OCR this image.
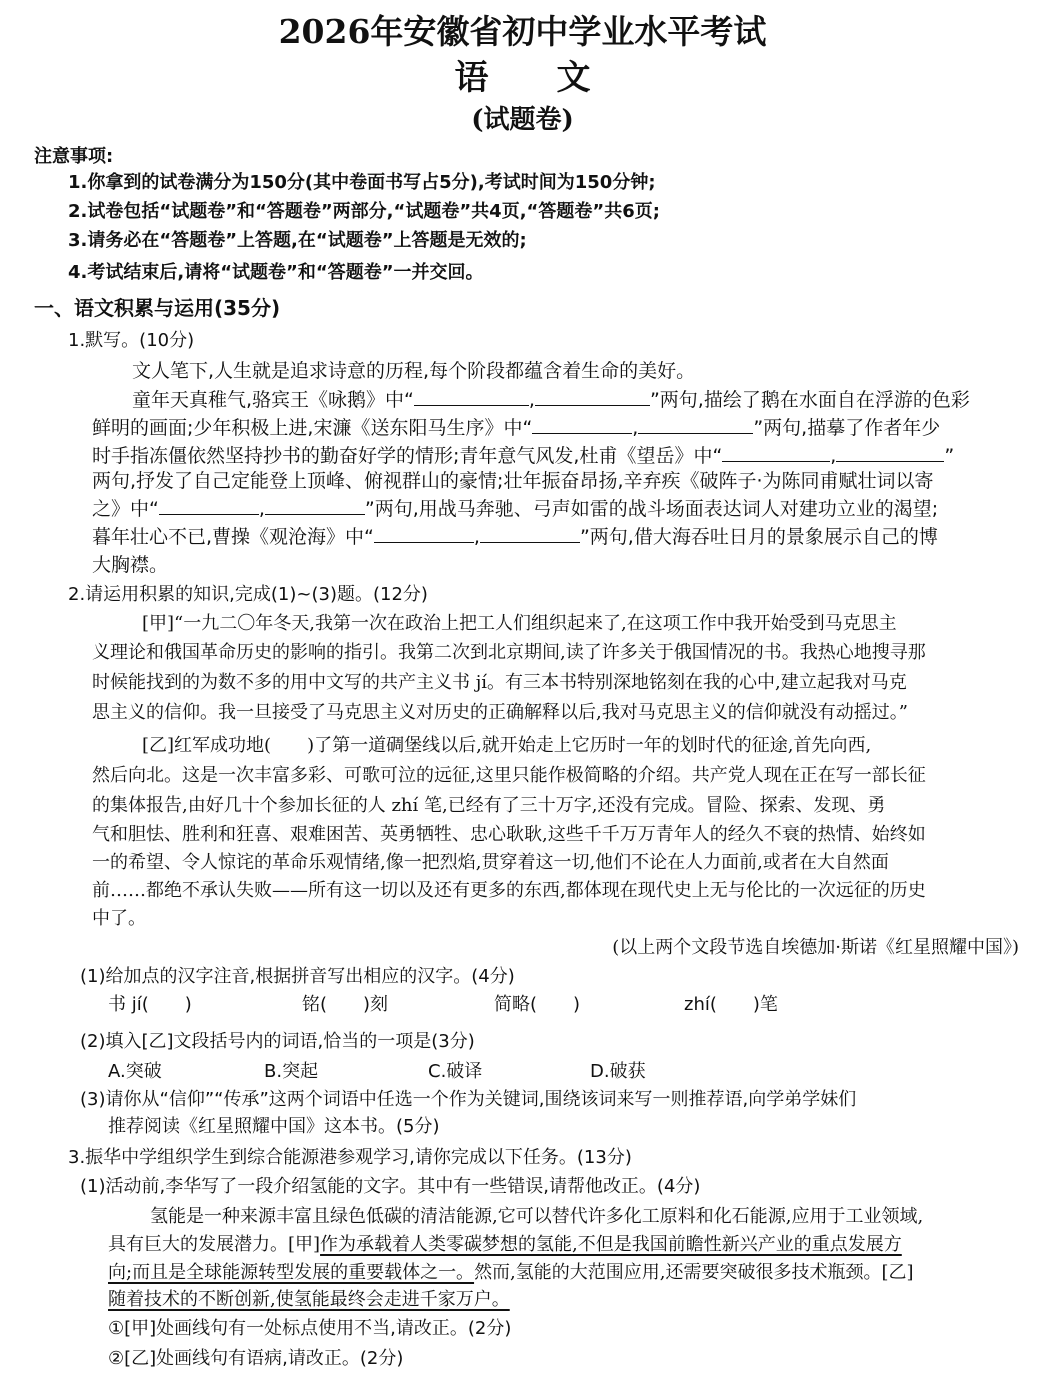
2026年安徽省初中学业水平考试
语　　文
(试题卷)
注意事项:
1.你拿到的试卷满分为150分(其中卷面书写占5分),考试时间为150分钟;
2.试卷包括“试题卷”和“答题卷”两部分,“试题卷”共4页,“答题卷”共6页;
3.请务必在“答题卷”上答题,在“试题卷”上答题是无效的;
4.考试结束后,请将“试题卷”和“答题卷”一并交回。
一、语文积累与运用(35分)
1.默写。(10分)
文人笔下,人生就是追求诗意的历程,每个阶段都蕴含着生命的美好。
童年天真稚气,骆宾王《咏鹅》中“	,	”两句,描绘了鹅在水面自在浮游的色彩
鲜明的画面;少年积极上进,宋濂《送东阳马生序》中“	,	”两句,描摹了作者年少
时手指冻僵依然坚持抄书的勤奋好学的情形;青年意气风发,杜甫《望岳》中“	,	”
两句,抒发了自己定能登上顶峰、俯视群山的豪情;壮年振奋昂扬,辛弃疾《破阵子·为陈同甫赋壮词以寄
之》中“	,	”两句,用战马奔驰、弓声如雷的战斗场面表达词人对建功立业的渴望;
暮年壮心不已,曹操《观沧海》中“	,	”两句,借大海吞吐日月的景象展示自己的博
大胸襟。
2.请运用积累的知识,完成(1)~(3)题。(12分)
[甲]“一九二〇年冬天,我第一次在政治上把工人们组织起来了,在这项工作中我开始受到马克思主
义理论和俄国革命历史的影响的指引。我第二次到北京期间,读了许多关于俄国情况的书。我热心地搜寻那
时候能找到的为数不多的用中文写的共产主义书 jí。有三本书特别深地铭刻在我的心中,建立起我对马克
思主义的信仰。我一旦接受了马克思主义对历史的正确解释以后,我对马克思主义的信仰就没有动摇过。”
[乙]红军成功地(　　)了第一道碉堡线以后,就开始走上它历时一年的划时代的征途,首先向西,
然后向北。这是一次丰富多彩、可歌可泣的远征,这里只能作极简略的介绍。共产党人现在正在写一部长征
的集体报告,由好几十个参加长征的人 zhí 笔,已经有了三十万字,还没有完成。冒险、探索、发现、勇
气和胆怯、胜利和狂喜、艰难困苦、英勇牺牲、忠心耿耿,这些千千万万青年人的经久不衰的热情、始终如
一的希望、令人惊诧的革命乐观情绪,像一把烈焰,贯穿着这一切,他们不论在人力面前,或者在大自然面
前……都绝不承认失败——所有这一切以及还有更多的东西,都体现在现代史上无与伦比的一次远征的历史
中了。
(以上两个文段节选自埃德加·斯诺《红星照耀中国》)
(1)给加点的汉字注音,根据拼音写出相应的汉字。(4分)
书 jí(　　)	铭(　　)刻	简略(　　)	zhí(　　)笔
(2)填入[乙]文段括号内的词语,恰当的一项是(3分)
A.突破	B.突起	C.破译	D.破获
(3)请你从“信仰”“传承”这两个词语中任选一个作为关键词,围绕该词来写一则推荐语,向学弟学妹们
推荐阅读《红星照耀中国》这本书。(5分)
3.振华中学组织学生到综合能源港参观学习,请你完成以下任务。(13分)
(1)活动前,李华写了一段介绍氢能的文字。其中有一些错误,请帮他改正。(4分)
氢能是一种来源丰富且绿色低碳的清洁能源,它可以替代许多化工原料和化石能源,应用于工业领域,
具有巨大的发展潜力。[甲]作为承载着人类零碳梦想的氢能,不但是我国前瞻性新兴产业的重点发展方
向;而且是全球能源转型发展的重要载体之一。然而,氢能的大范围应用,还需要突破很多技术瓶颈。[乙]
随着技术的不断创新,使氢能最终会走进千家万户。
①[甲]处画线句有一处标点使用不当,请改正。(2分)
②[乙]处画线句有语病,请改正。(2分)
